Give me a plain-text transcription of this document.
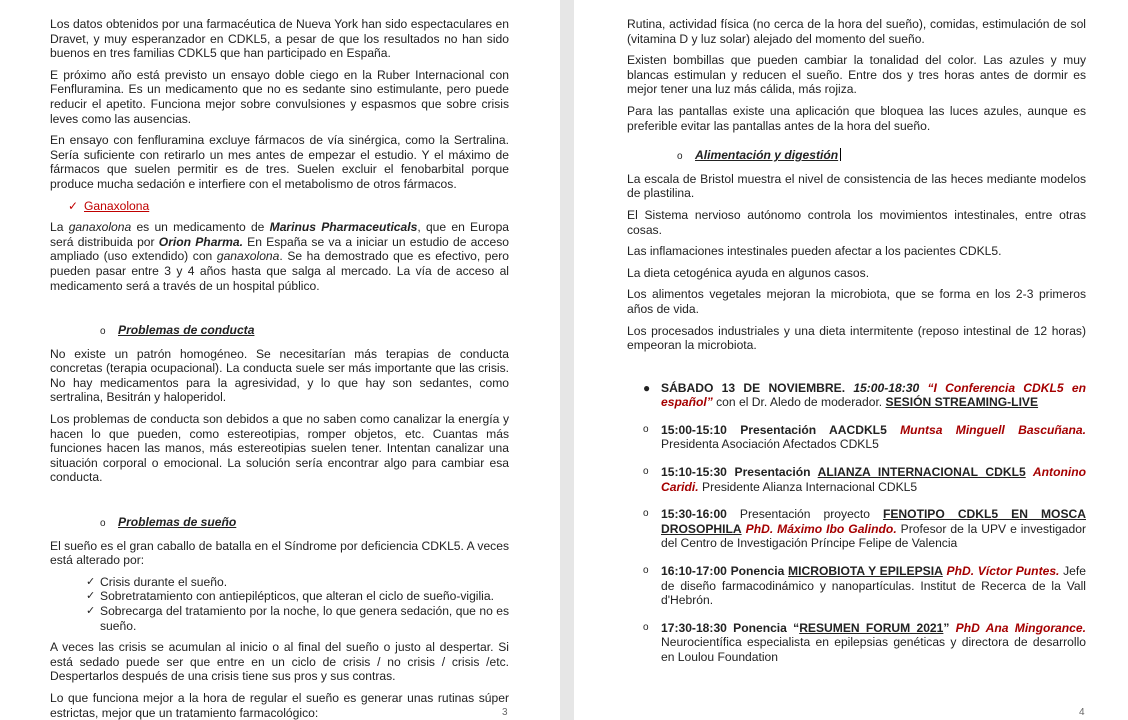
Los datos obtenidos por una farmacéutica de Nueva York han sido espectaculares en Dravet, y muy esperanzador en CDKL5, a pesar de que los resultados no han sido buenos en tres familias CDKL5 que han participado en España.

E próximo año está previsto un ensayo doble ciego en la Ruber Internacional con Fenfluramina. Es un medicamento que no es sedante sino estimulante, pero puede reducir el apetito. Funciona mejor sobre convulsiones y espasmos que sobre crisis leves como las ausencias.

En ensayo con fenfluramina excluye fármacos de vía sinérgica, como la Sertralina. Sería suficiente con retirarlo un mes antes de empezar el estudio. Y el máximo de fármacos que suelen permitir es de tres. Suelen excluir el fenobarbital porque produce mucha sedación e interfiere con el metabolismo de otros fármacos.

✓ Ganaxolona

La ganaxolona es un medicamento de Marinus Pharmaceuticals, que en Europa será distribuida por Orion Pharma. En España se va a iniciar un estudio de acceso ampliado (uso extendido) con ganaxolona. Se ha demostrado que es efectivo, pero pueden pasar entre 3 y 4 años hasta que salga al mercado. La vía de acceso al medicamento será a través de un hospital público.

o Problemas de conducta

No existe un patrón homogéneo. Se necesitarían más terapias de conducta concretas (terapia ocupacional). La conducta suele ser más importante que las crisis. No hay medicamentos para la agresividad, y lo que hay son sedantes, como sertralina, Besitrán y haloperidol.

Los problemas de conducta son debidos a que no saben como canalizar la energía y hacen lo que pueden, como estereotipias, romper objetos, etc. Cuantas más funciones hacen las manos, más estereotipias suelen tener. Intentan canalizar una situación corporal o emocional. La solución sería encontrar algo para cambiar esa conducta.

o Problemas de sueño

El sueño es el gran caballo de batalla en el Síndrome por deficiencia CDKL5. A veces está alterado por:

✓ Crisis durante el sueño.
✓ Sobretratamiento con antiepilépticos, que alteran el ciclo de sueño-vigilia.
✓ Sobrecarga del tratamiento por la noche, lo que genera sedación, que no es sueño.

A veces las crisis se acumulan al inicio o al final del sueño o justo al despertar. Si está sedado puede ser que entre en un ciclo de crisis / no crisis / crisis /etc. Despertarlos después de una crisis tiene sus pros y sus contras.

Lo que funciona mejor a la hora de regular el sueño es generar unas rutinas súper estrictas, mejor que un tratamiento farmacológico:	3

Rutina, actividad física (no cerca de la hora del sueño), comidas, estimulación de sol (vitamina D y luz solar) alejado del momento del sueño.

Existen bombillas que pueden cambiar la tonalidad del color. Las azules y muy blancas estimulan y reducen el sueño. Entre dos y tres horas antes de dormir es mejor tener una luz más cálida, más rojiza.

Para las pantallas existe una aplicación que bloquea las luces azules, aunque es preferible evitar las pantallas antes de la hora del sueño.

o Alimentación y digestión

La escala de Bristol muestra el nivel de consistencia de las heces mediante modelos de plastilina.

El Sistema nervioso autónomo controla los movimientos intestinales, entre otras cosas.

Las inflamaciones intestinales pueden afectar a los pacientes CDKL5.

La dieta cetogénica ayuda en algunos casos.

Los alimentos vegetales mejoran la microbiota, que se forma en los 2-3 primeros años de vida.

Los procesados industriales y una dieta intermitente (reposo intestinal de 12 horas) empeoran la microbiota.

● SÁBADO 13 DE NOVIEMBRE. 15:00-18:30 “I Conferencia CDKL5 en español” con el Dr. Aledo de moderador. SESIÓN STREAMING-LIVE
o 15:00-15:10 Presentación AACDKL5 Muntsa Minguell Bascuñana. Presidenta Asociación Afectados CDKL5
o 15:10-15:30 Presentación ALIANZA INTERNACIONAL CDKL5 Antonino Caridi. Presidente Alianza Internacional CDKL5
o 15:30-16:00 Presentación proyecto FENOTIPO CDKL5 EN MOSCA DROSOPHILA PhD. Máximo Ibo Galindo. Profesor de la UPV e investigador del Centro de Investigación Príncipe Felipe de Valencia
o 16:10-17:00 Ponencia MICROBIOTA Y EPILEPSIA PhD. Víctor Puntes. Jefe de diseño farmacodinámico y nanopartículas. Institut de Recerca de la Vall d'Hebrón.
o 17:30-18:30 Ponencia “RESUMEN FORUM 2021” PhD Ana Mingorance. Neurocientífica especialista en epilepsias genéticas y directora de desarrollo en Loulou Foundation
4
